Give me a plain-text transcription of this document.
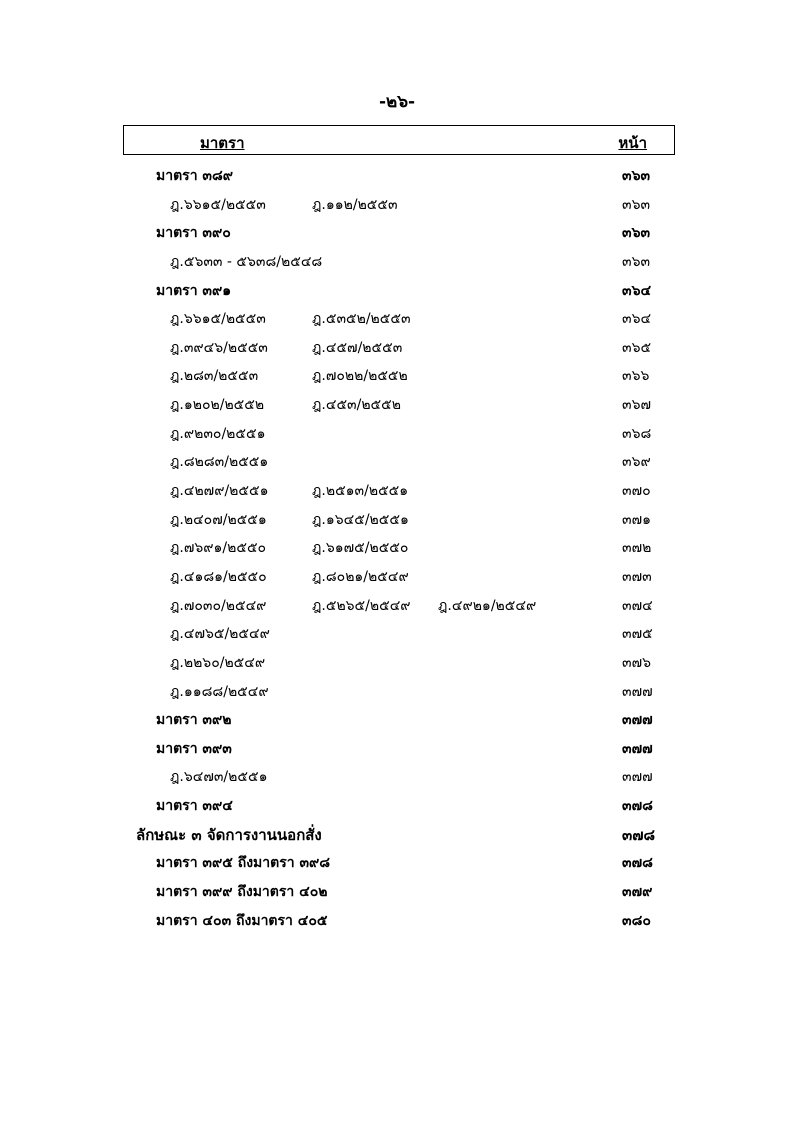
-๒๖-
มาตรา	หน้า
มาตรา ๓๘๙	๓๖๓
ฎ.๖๖๑๕/๒๕๕๓	ฎ.๑๑๒/๒๕๕๓	๓๖๓
มาตรา ๓๙๐	๓๖๓
ฎ.๕๖๓๓ - ๕๖๓๘/๒๕๔๘	๓๖๓
มาตรา ๓๙๑	๓๖๔
ฎ.๖๖๑๕/๒๕๕๓	ฎ.๕๓๕๒/๒๕๕๓	๓๖๔
ฎ.๓๙๔๖/๒๕๕๓	ฎ.๔๕๗/๒๕๕๓	๓๖๕
ฎ.๒๘๓/๒๕๕๓	ฎ.๗๐๒๒/๒๕๕๒	๓๖๖
ฎ.๑๒๐๒/๒๕๕๒	ฎ.๔๕๓/๒๕๕๒	๓๖๗
ฎ.๙๒๓๐/๒๕๕๑	๓๖๘
ฎ.๘๒๘๓/๒๕๕๑	๓๖๙
ฎ.๔๒๗๙/๒๕๕๑	ฎ.๒๕๑๓/๒๕๕๑	๓๗๐
ฎ.๒๔๐๗/๒๕๕๑	ฎ.๑๖๔๕/๒๕๕๑	๓๗๑
ฎ.๗๖๙๑/๒๕๕๐	ฎ.๖๑๗๕/๒๕๕๐	๓๗๒
ฎ.๔๑๘๑/๒๕๕๐	ฎ.๘๐๒๑/๒๕๔๙	๓๗๓
ฎ.๗๐๓๐/๒๕๔๙	ฎ.๕๒๖๕/๒๕๔๙ ฎ.๔๙๒๑/๒๕๔๙	๓๗๔
ฎ.๔๗๖๕/๒๕๔๙	๓๗๕
ฎ.๒๒๖๐/๒๕๔๙	๓๗๖
ฎ.๑๑๘๘/๒๕๔๙	๓๗๗
มาตรา ๓๙๒	๓๗๗
มาตรา ๓๙๓	๓๗๗
ฎ.๖๔๗๓/๒๕๕๑	๓๗๗
มาตรา ๓๙๔	๓๗๘
ลักษณะ ๓ จัดการงานนอกสั่ง	๓๗๘
มาตรา ๓๙๕ ถึงมาตรา ๓๙๘	๓๗๘
มาตรา ๓๙๙ ถึงมาตรา ๔๐๒	๓๗๙
มาตรา ๔๐๓ ถึงมาตรา ๔๐๕	๓๘๐
